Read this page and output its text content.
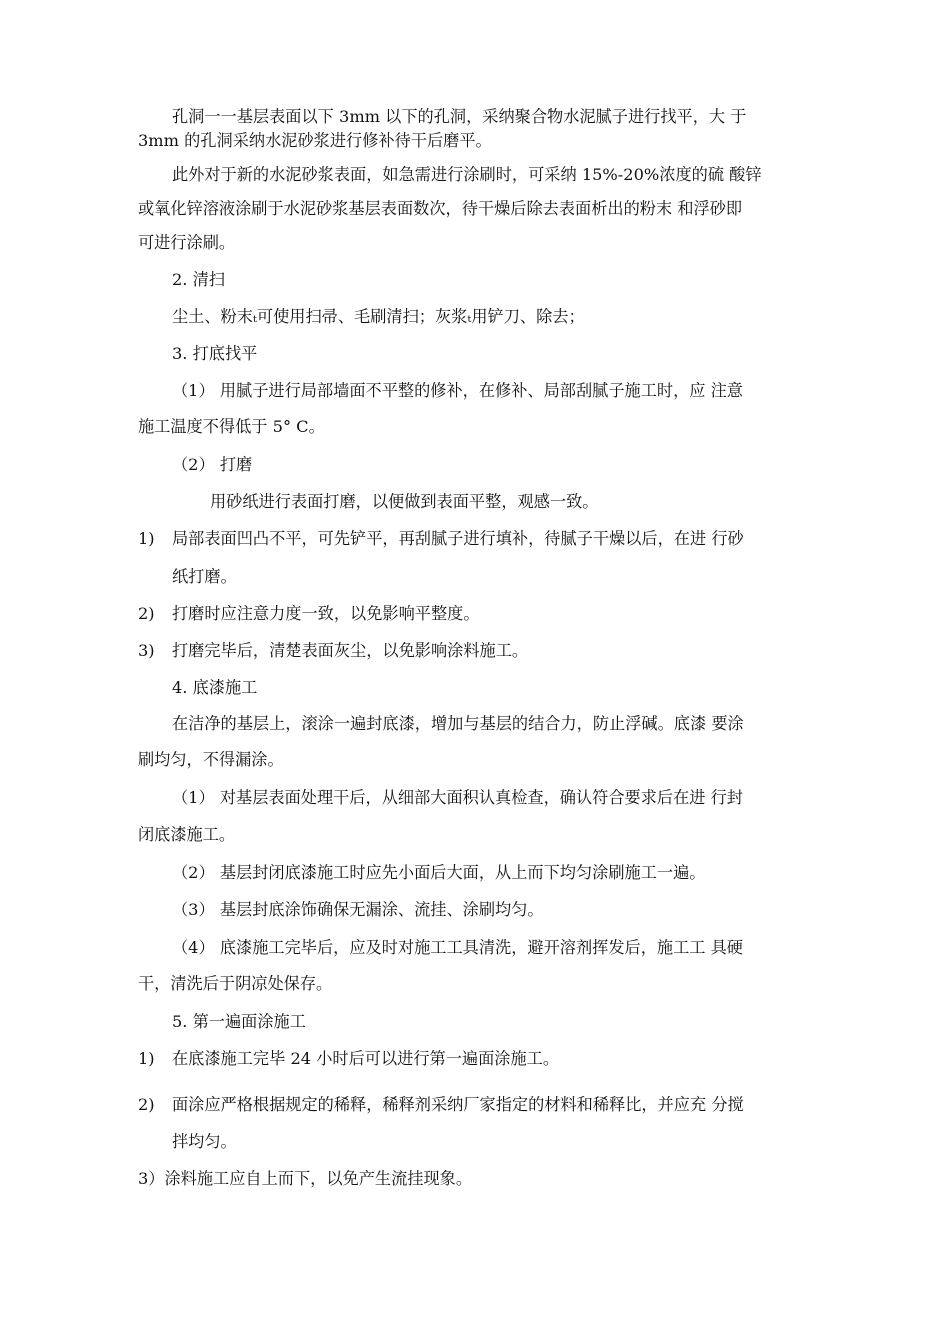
孔洞一一基层表面以下 3mm 以下的孔洞，采纳聚合物水泥腻子进行找平，大 于
3mm 的孔洞采纳水泥砂浆进行修补待干后磨平。
此外对于新的水泥砂浆表面，如急需进行涂刷时，可采纳 15%-20%浓度的硫 酸锌
或氧化锌溶液涂刷于水泥砂浆基层表面数次，待干燥后除去表面析出的粉末 和浮砂即
可进行涂刷。
2. 清扫
尘土、粉末ₜ可使用扫帚、毛刷清扫；灰浆ₜ用铲刀、除去；
3. 打底找平
（1） 用腻子进行局部墙面不平整的修补，在修补、局部刮腻子施工时，应 注意
施工温度不得低于 5° C。
（2） 打磨
用砂纸进行表面打磨，以便做到表面平整，观感一致。
1) 局部表面凹凸不平，可先铲平，再刮腻子进行填补，待腻子干燥以后，在进 行砂
纸打磨。
2) 打磨时应注意力度一致，以免影响平整度。
3) 打磨完毕后，清楚表面灰尘，以免影响涂料施工。
4. 底漆施工
在洁净的基层上，滚涂一遍封底漆，增加与基层的结合力，防止浮碱。底漆 要涂
刷均匀，不得漏涂。
（1） 对基层表面处理干后，从细部大面积认真检查，确认符合要求后在进 行封
闭底漆施工。
（2） 基层封闭底漆施工时应先小面后大面，从上而下均匀涂刷施工一遍。
（3） 基层封底涂饰确保无漏涂、流挂、涂刷均匀。
（4） 底漆施工完毕后，应及时对施工工具清洗，避开溶剂挥发后，施工工 具硬
干，清洗后于阴凉处保存。
5. 第一遍面涂施工
1) 在底漆施工完毕 24 小时后可以进行第一遍面涂施工。
2) 面涂应严格根据规定的稀释，稀释剂采纳厂家指定的材料和稀释比，并应充 分搅
拌均匀。
3）涂料施工应自上而下，以免产生流挂现象。
